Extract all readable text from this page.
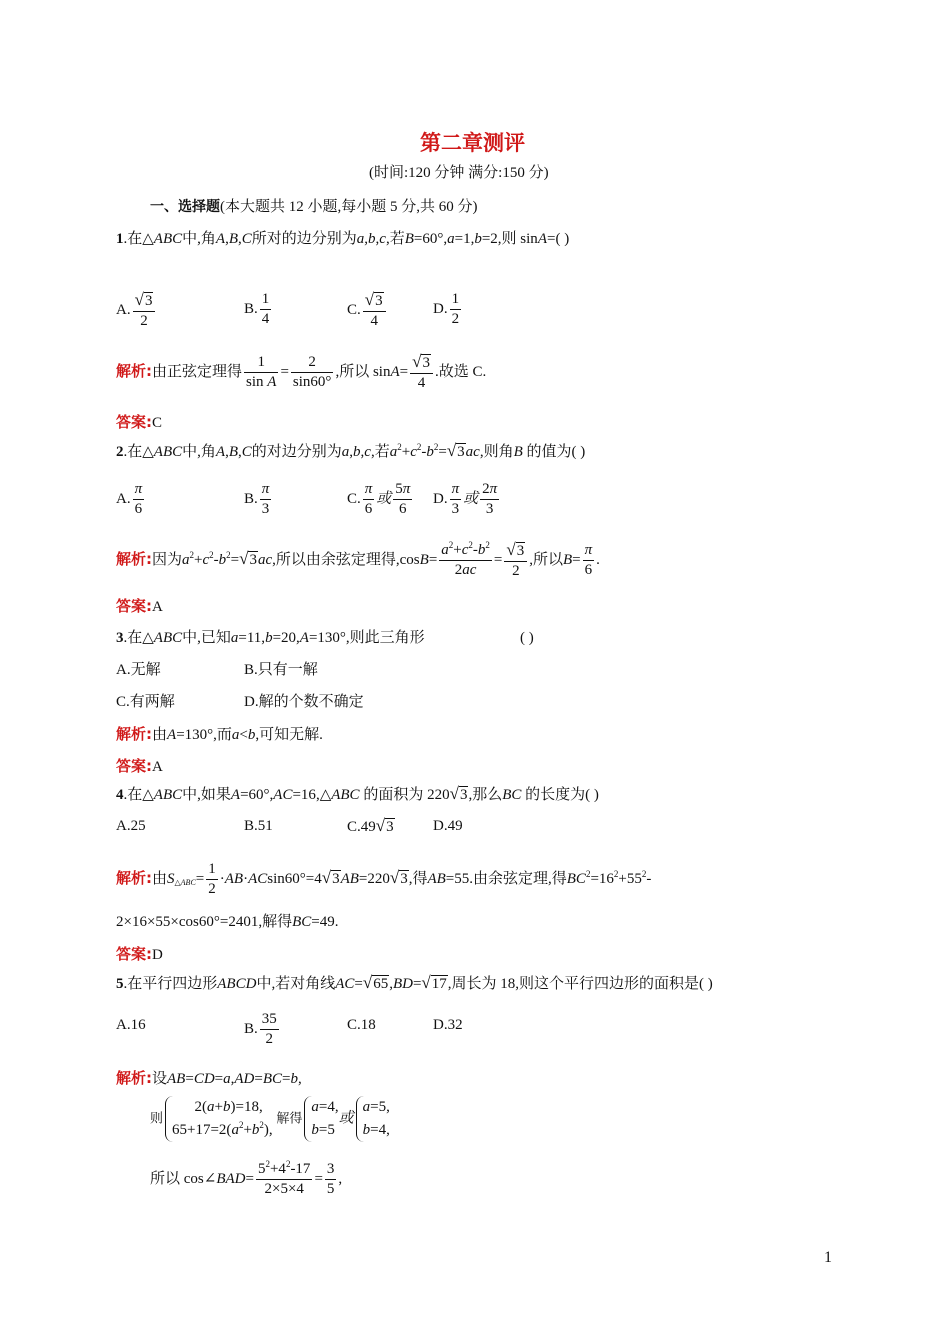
第二章测评
(时间:120 分钟 满分:150 分)
一、选择题(本大题共 12 小题,每小题 5 分,共 60 分)
1.在△ABC中,角A,B,C所对的边分别为a,b,c,若B=60°,a=1,b=2,则 sinA=( )
A. $\frac{√3}{2}$	B. $\frac{1}{4}$	C. $\frac{√3}{4}$	D. $\frac{1}{2}$
解析:由正弦定理得 $\frac{1}{\text{sin A}} = \frac{2}{\sin 60^\circ}$ ,所以 $\sin A= \frac{√3}{4}$ .故选 C.
答案:C
2.在△ABC中,角A,B,C的对边分别为a,b,c,若$a^2+c^2-b^2=√3ac$,则角B 的值为( )
A. $\frac{\pi}{6}$	B. $\frac{\pi}{3}$	C. $\frac{\pi}{6}$ 或 $\frac{5\pi}{6} D$. $\frac{\pi}{3}$ 或 $\frac{2\pi}{3}$
解析:因为$a^2+c^2-b^2=√3ac$,所以由余弦定理得$,\cos B= \frac{a^2+c^2-b^2}{2ac} = \frac{√3}{2}$ ,所以$B= \frac{\pi}{6}$ .
答案:A
3.在△ABC中,已知a=11,b=20,A=130°,则此三角形	( )
A.无解	B.只有一解
C.有两解	D.解的个数不确定
解析:由A=130°,而a<b,可知无解.
答案:A
4.在△ABC中,如果A=60°,AC=16,△ABC 的面积为 220√3,那么BC 的长度为( )
A.25	B.51	C.49√3	D.49
解析:由$S_{\triangle ABC}= \frac{1}{2} \cdot AB\cdot ACsin60^\circ=4√3AB=220√3$,得AB=55.由余弦定理,得$BC^2=16^2+55^2-$
2×16×55×cos60°=2401,解得BC=49.
答案:D
5.在平行四边形ABCD中,若对角线AC=√65,BD=√17,周长为 18,则这个平行四边形的面积是( )
A.16	B. $\frac{35}{2}$	C.18	D.32
解析:设AB=CD=a,AD=BC=b,
则
2(a+b)=18,
$65+17=2(a^2+b^2)$,
解得
a=4,
b=5
或
a=5,
b=4,
所以 cos∠BAD= $\frac{5^2+4^2-17}{2\times 5\times 4} = \frac{3}{5}$ ,
1
